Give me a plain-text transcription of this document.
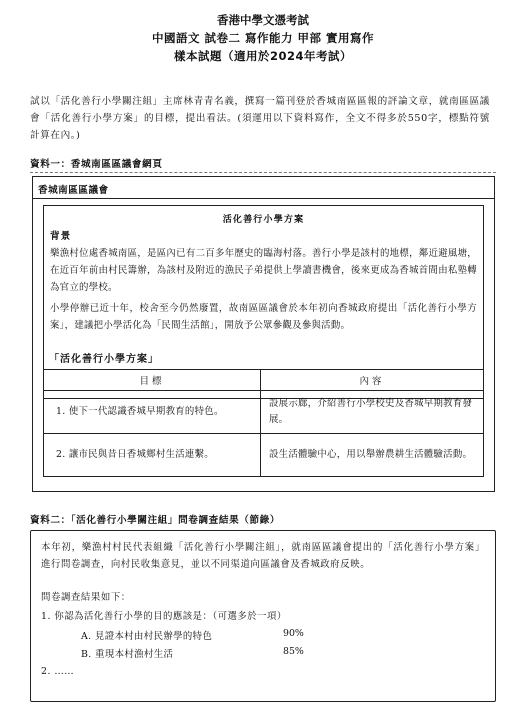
香港中學文憑考試
中國語文 試卷二 寫作能力 甲部 實用寫作
樣本試題（適用於2024年考試）
試以「活化善行小學關注組」主席林青青名義，撰寫一篇刊登於香城南區區報的評論文章，就南區區議會「活化善行小學方案」的目標，提出看法。(須運用以下資料寫作，全文不得多於550字，標點符號計算在內。)
資料一：香城南區區議會網頁
香城南區區議會
活化善行小學方案
背景
樂漁村位處香城南區，是區內已有二百多年歷史的臨海村落。善行小學是該村的地標，鄰近避風塘，在近百年前由村民籌辦，為該村及附近的漁民子弟提供上學讀書機會，後來更成為香城首間由私塾轉為官立的學校。
小學停辦已近十年，校舍至今仍然廢置，故南區區議會於本年初向香城政府提出「活化善行小學方案」，建議把小學活化為「民間生活館」，開放予公眾參觀及參與活動。
「活化善行小學方案」
目標	內容
1. 使下一代認識香城早期教育的特色。	設展示廊，介紹善行小學校史及香城早期教育發展。
2. 讓市民與昔日香城鄉村生活連繫。	設生活體驗中心，用以舉辦農耕生活體驗活動。
資料二：「活化善行小學關注組」問卷調查結果（節錄）
本年初，樂漁村村民代表組織「活化善行小學關注組」，就南區區議會提出的「活化善行小學方案」進行問卷調查，向村民收集意見，並以不同渠道向區議會及香城政府反映。
問卷調查結果如下：
1. 你認為活化善行小學的目的應該是：（可選多於一項）
A. 見證本村由村民辦學的特色	90%
B. 重現本村漁村生活	85%
2. ……
